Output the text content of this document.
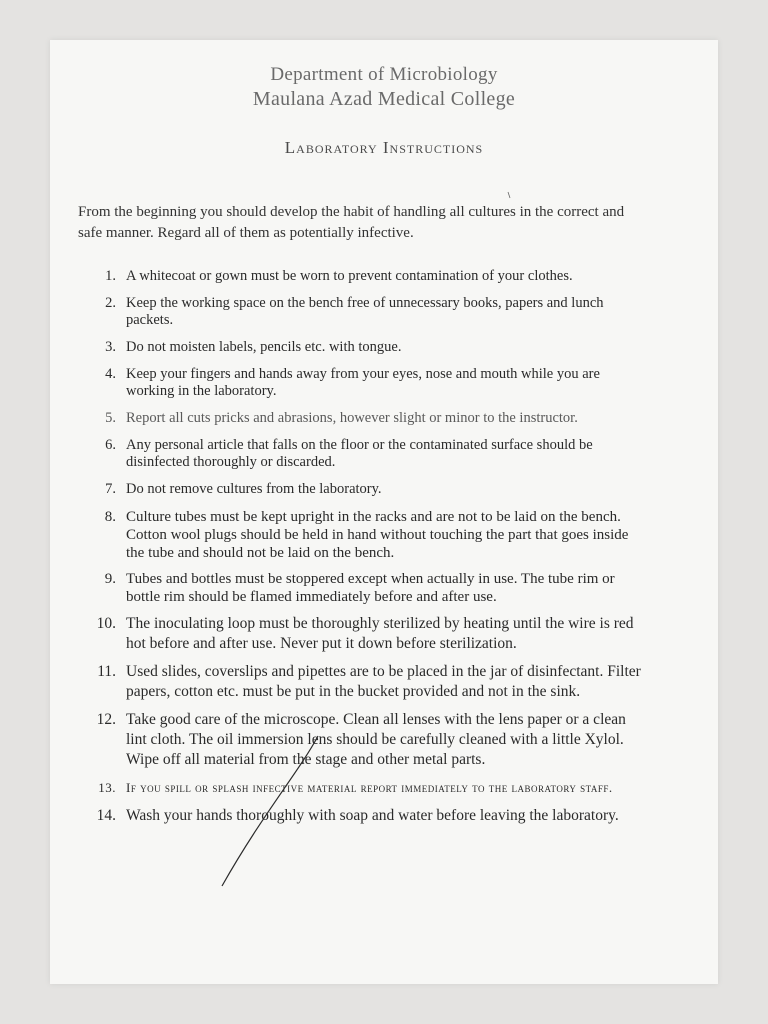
Department of Microbiology
Maulana Azad Medical College
Laboratory Instructions
From the beginning you should develop the habit of handling all cultures in the correct and safe manner. Regard all of them as potentially infective.
1. A whitecoat or gown must be worn to prevent contamination of your clothes.
2. Keep the working space on the bench free of unnecessary books, papers and lunch packets.
3. Do not moisten labels, pencils etc. with tongue.
4. Keep your fingers and hands away from your eyes, nose and mouth while you are working in the laboratory.
5. Report all cuts pricks and abrasions, however slight or minor to the instructor.
6. Any personal article that falls on the floor or the contaminated surface should be disinfected thoroughly or discarded.
7. Do not remove cultures from the laboratory.
8. Culture tubes must be kept upright in the racks and are not to be laid on the bench. Cotton wool plugs should be held in hand without touching the part that goes inside the tube and should not be laid on the bench.
9. Tubes and bottles must be stoppered except when actually in use. The tube rim or bottle rim should be flamed immediately before and after use.
10. The inoculating loop must be thoroughly sterilized by heating until the wire is red hot before and after use. Never put it down before sterilization.
11. Used slides, coverslips and pipettes are to be placed in the jar of disinfectant. Filter papers, cotton etc. must be put in the bucket provided and not in the sink.
12. Take good care of the microscope. Clean all lenses with the lens paper or a clean lint cloth. The oil immersion lens should be carefully cleaned with a little Xylol. Wipe off all material from the stage and other metal parts.
13. If you spill or splash infective material report immediately to the laboratory staff.
14. Wash your hands thoroughly with soap and water before leaving the laboratory.
